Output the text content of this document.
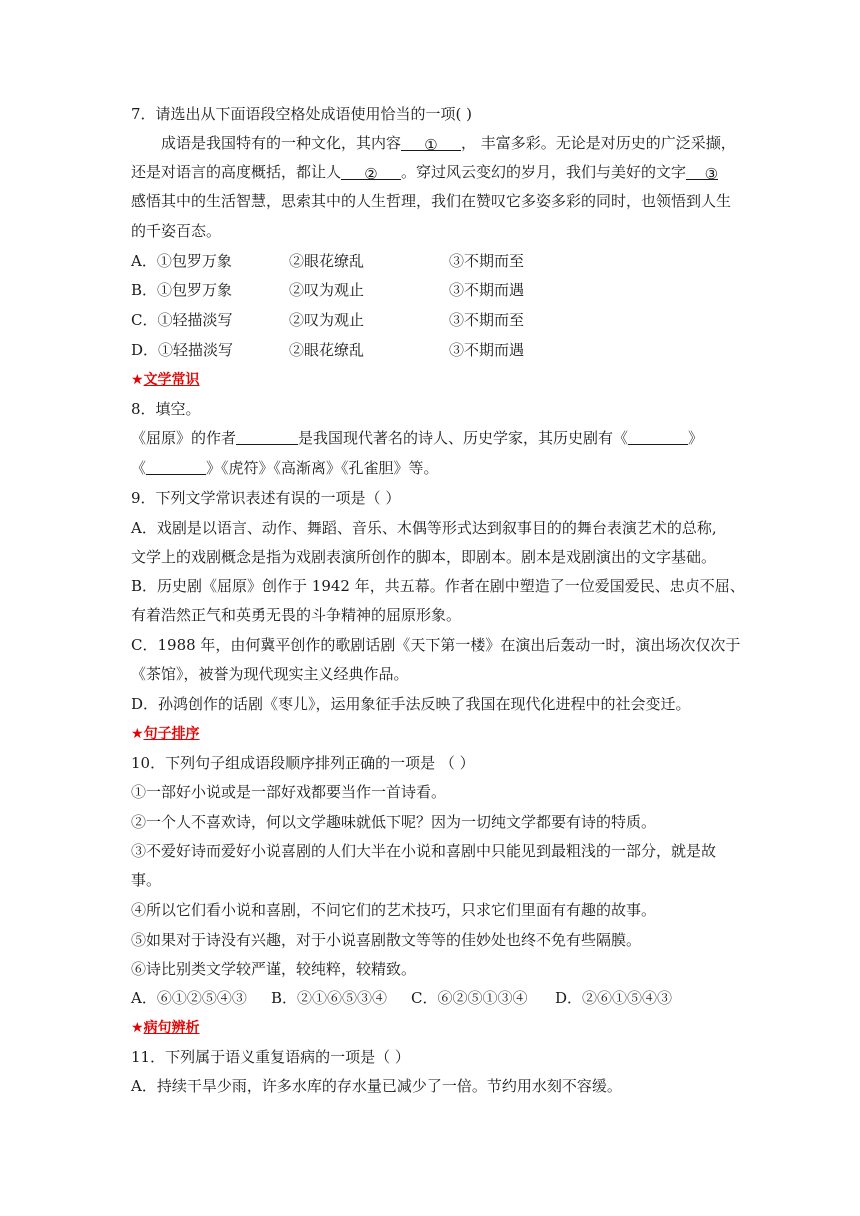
7．请选出从下面语段空格处成语使用恰当的一项( )
成语是我国特有的一种文化，其内容 ① ， 丰富多彩。无论是对历史的广泛采撷，
还是对语言的高度概括，都让人 ② 。穿过风云变幻的岁月，我们与美好的文字 ③
感悟其中的生活智慧，思索其中的人生哲理，我们在赞叹它多姿多彩的同时，也领悟到人生
的千姿百态。
A．①包罗万象	②眼花缭乱	③不期而至
B．①包罗万象	②叹为观止	③不期而遇
C．①轻描淡写	②叹为观止	③不期而至
D．①轻描淡写	②眼花缭乱	③不期而遇
★文学常识
8．填空。
《屈原》的作者	是我国现代著名的诗人、历史学家，其历史剧有《	》
《	》《虎符》《高渐离》《孔雀胆》等。
9．下列文学常识表述有误的一项是（ ）
A．戏剧是以语言、动作、舞蹈、音乐、木偶等形式达到叙事目的的舞台表演艺术的总称,
文学上的戏剧概念是指为戏剧表演所创作的脚本，即剧本。剧本是戏剧演出的文字基础。
B．历史剧《屈原》创作于 1942 年，共五幕。作者在剧中塑造了一位爱国爱民、忠贞不屈、
有着浩然正气和英勇无畏的斗争精神的屈原形象。
C．1988 年，由何冀平创作的歌剧话剧《天下第一楼》在演出后轰动一时，演出场次仅次于
《茶馆》，被誉为现代现实主义经典作品。
D．孙鸿创作的话剧《枣儿》，运用象征手法反映了我国在现代化进程中的社会变迁。
★句子排序
10．下列句子组成语段顺序排列正确的一项是 （ ）
①一部好小说或是一部好戏都要当作一首诗看。
②一个人不喜欢诗，何以文学趣味就低下呢？因为一切纯文学都要有诗的特质。
③不爱好诗而爱好小说喜剧的人们大半在小说和喜剧中只能见到最粗浅的一部分，就是故
事。
④所以它们看小说和喜剧，不问它们的艺术技巧，只求它们里面有有趣的故事。
⑤如果对于诗没有兴趣，对于小说喜剧散文等等的佳妙处也终不免有些隔膜。
⑥诗比别类文学较严谨，较纯粹，较精致。
A．⑥①②⑤④③ B．②①⑥⑤③④ C．⑥②⑤①③④ D．②⑥①⑤④③
★病句辨析
11．下列属于语义重复语病的一项是（ ）
A．持续干旱少雨，许多水库的存水量已减少了一倍。节约用水刻不容缓。
